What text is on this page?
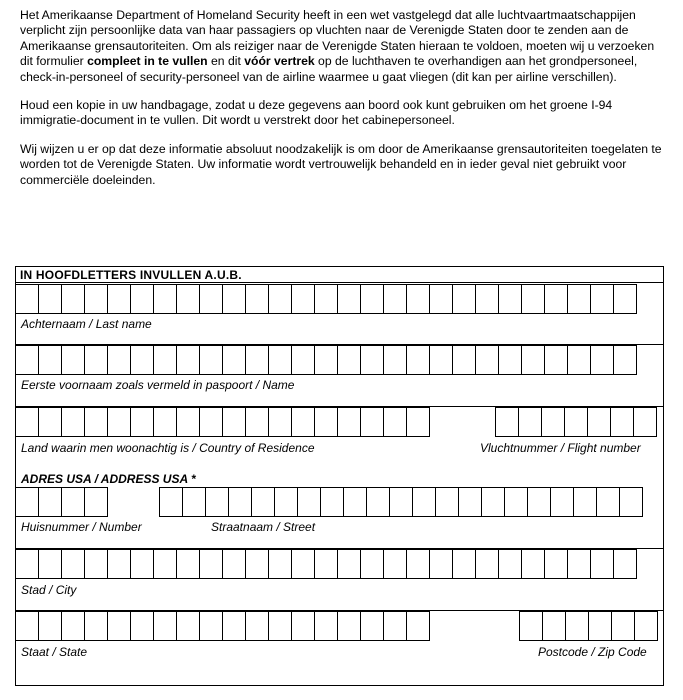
Het Amerikaanse Department of Homeland Security heeft in een wet vastgelegd dat alle luchtvaartmaatschappijen verplicht zijn persoonlijke data van haar passagiers op vluchten naar de Verenigde Staten door te zenden aan de Amerikaanse grensautoriteiten. Om als reiziger naar de Verenigde Staten hieraan te voldoen, moeten wij u verzoeken dit formulier compleet in te vullen en dit vóór vertrek op de luchthaven te overhandigen aan het grondpersoneel, check-in-personeel of security-personeel van de airline waarmee u gaat vliegen (dit kan per airline verschillen).

Houd een kopie in uw handbagage, zodat u deze gegevens aan boord ook kunt gebruiken om het groene I-94 immigratie-document in te vullen. Dit wordt u verstrekt door het cabinepersoneel.

Wij wijzen u er op dat deze informatie absoluut noodzakelijk is om door de Amerikaanse grensautoriteiten toegelaten te worden tot de Verenigde Staten. Uw informatie wordt vertrouwelijk behandeld en in ieder geval niet gebruikt voor commerciële doeleinden.

IN HOOFDLETTERS INVULLEN A.U.B.
Achternaam / Last name
Eerste voornaam zoals vermeld in paspoort / Name
Land waarin men woonachtig is / Country of Residence	Vluchtnummer / Flight number
ADRES USA / ADDRESS USA *
Huisnummer / Number	Straatnaam / Street
Stad / City
Staat / State	Postcode / Zip Code
